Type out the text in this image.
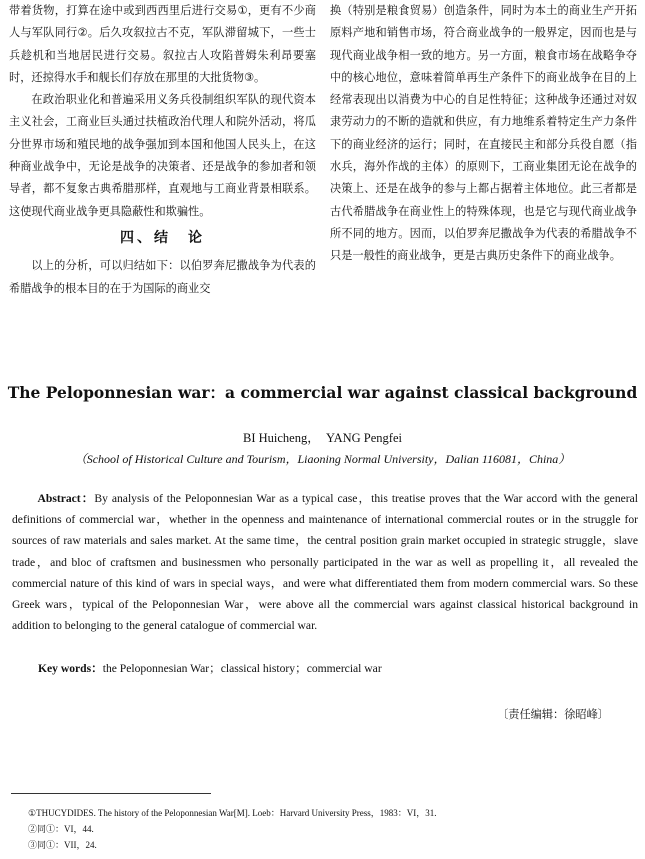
带着货物，打算在途中或到西西里后进行交易①，更有不少商人与军队同行②。后久攻叙拉古不克，军队滞留城下，一些士兵趁机和当地居民进行交易。叙拉古人攻陷普姆朱利昂要塞时，还掠得水手和舰长们存放在那里的大批货物③。

在政治职业化和普遍采用义务兵役制组织军队的现代资本主义社会，工商业巨头通过扶植政治代理人和院外活动，将瓜分世界市场和殖民地的战争强加到本国和他国人民头上，在这种商业战争中，无论是战争的决策者、还是战争的参加者和领导者，都不复象古典希腊那样，直观地与工商业背景相联系。这使现代商业战争更具隐蔽性和欺骗性。

四、结　论

以上的分析，可以归结如下：以伯罗奔尼撒战争为代表的希腊战争的根本目的在于为国际的商业交

换（特别是粮食贸易）创造条件，同时为本土的商业生产开拓原料产地和销售市场，符合商业战争的一般界定，因而也是与现代商业战争相一致的地方。另一方面，粮食市场在战略争夺中的核心地位，意味着简单再生产条件下的商业战争在目的上经常表现出以消费为中心的自足性特征；这种战争还通过对奴隶劳动力的不断的造就和供应，有力地维系着特定生产力条件下的商业经济的运行；同时，在直接民主和部分兵役自愿（指水兵，海外作战的主体）的原则下，工商业集团无论在战争的决策上、还是在战争的参与上都占据着主体地位。此三者都是古代希腊战争在商业性上的特殊体现，也是它与现代商业战争所不同的地方。因而，以伯罗奔尼撒战争为代表的希腊战争不只是一般性的商业战争，更是古典历史条件下的商业战争。

The Peloponnesian war：a commercial war against classical background
BI Huicheng，　YANG Pengfei
（School of Historical Culture and Tourism，Liaoning Normal University，Dalian 116081，China）

Abstract：By analysis of the Peloponnesian War as a typical case，this treatise proves that the War accord with the general definitions of commercial war，whether in the openness and maintenance of international commercial routes or in the struggle for sources of raw materials and sales market. At the same time，the central position grain market occupied in strategic struggle，slave trade，and bloc of craftsmen and businessmen who personally participated in the war as well as propelling it，all revealed the commercial nature of this kind of wars in special ways，and were what differentiated them from modern commercial wars. So these Greek wars，typical of the Peloponnesian War，were above all the commercial wars against classical historical background in addition to belonging to the general catalogue of commercial war.

Key words：the Peloponnesian War；classical history；commercial war
〔责任编辑：徐昭峰〕
①THUCYDIDES. The history of the Peloponnesian War[M]. Loeb：Harvard University Press，1983：VI，31.
②同①：VI，44.
③同①：VII，24.
